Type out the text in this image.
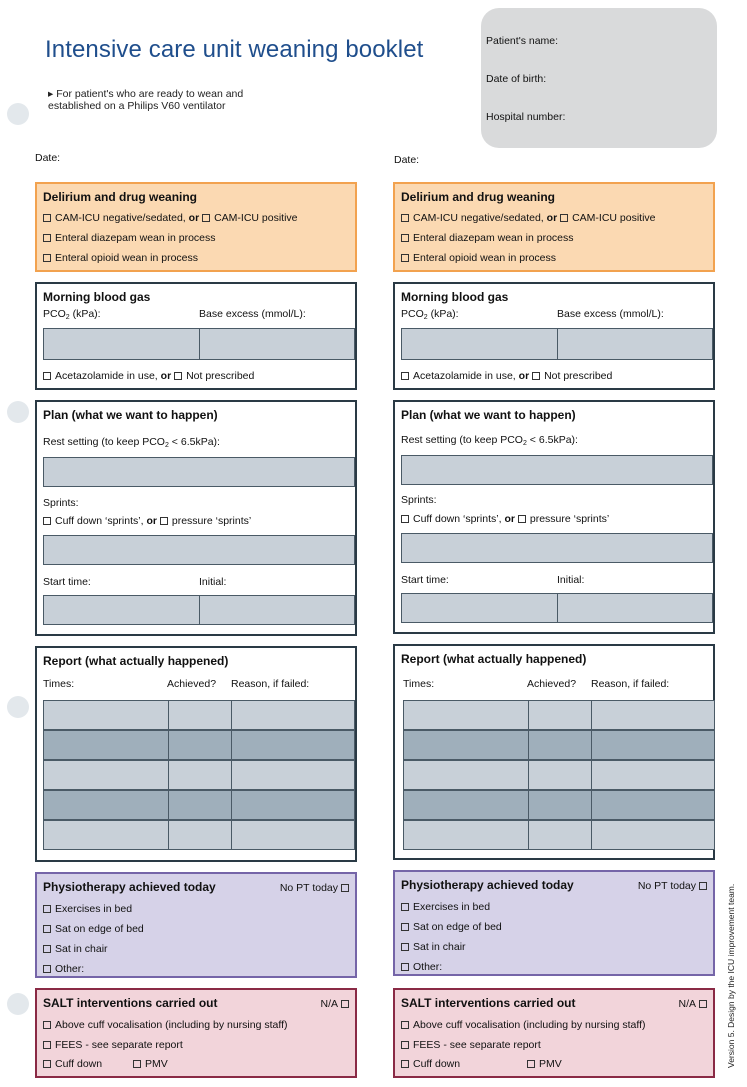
Intensive care unit weaning booklet
▸ For patient's who are ready to wean and
established on a Philips V60 ventilator
Patient's name:
Date of birth:
Hospital number:
Date:	Date:
Delirium and drug weaning
CAM-ICU negative/sedated, or CAM-ICU positive
Enteral diazepam wean in process
Enteral opioid wean in process
Morning blood gas
$PCO_2$ (kPa):	Base excess (mmol/L):
Acetazolamide in use, or Not prescribed
Plan (what we want to happen)
Rest setting (to keep $PCO_2 < 6.5kPa$):
Sprints:
Cuff down ‘sprints’, or pressure ‘sprints’
Start time:	Initial:
Report (what actually happened)
Times:	Achieved? Reason, if failed:
Physiotherapy achieved today	No PT today
Exercises in bed
Sat on edge of bed
Sat in chair
Other:
SALT interventions carried out	N/A
Above cuff vocalisation (including by nursing staff)
FEES - see separate report
Cuff down	PMV
Delirium and drug weaning
CAM-ICU negative/sedated, or CAM-ICU positive
Enteral diazepam wean in process
Enteral opioid wean in process
Morning blood gas
$PCO_2$ (kPa):	Base excess (mmol/L):
Acetazolamide in use, or Not prescribed
Plan (what we want to happen)
Rest setting (to keep $PCO_2 < 6.5kPa$):
Sprints:
Cuff down ‘sprints’, or pressure ‘sprints’
Start time:	Initial:
Report (what actually happened)
Times:	Achieved? Reason, if failed:
Physiotherapy achieved today	No PT today
Exercises in bed
Sat on edge of bed
Sat in chair
Other:
SALT interventions carried out	N/A
Above cuff vocalisation (including by nursing staff)
FEES - see separate report
Cuff down	PMV	Version 5. Design by the ICU improvement team.
